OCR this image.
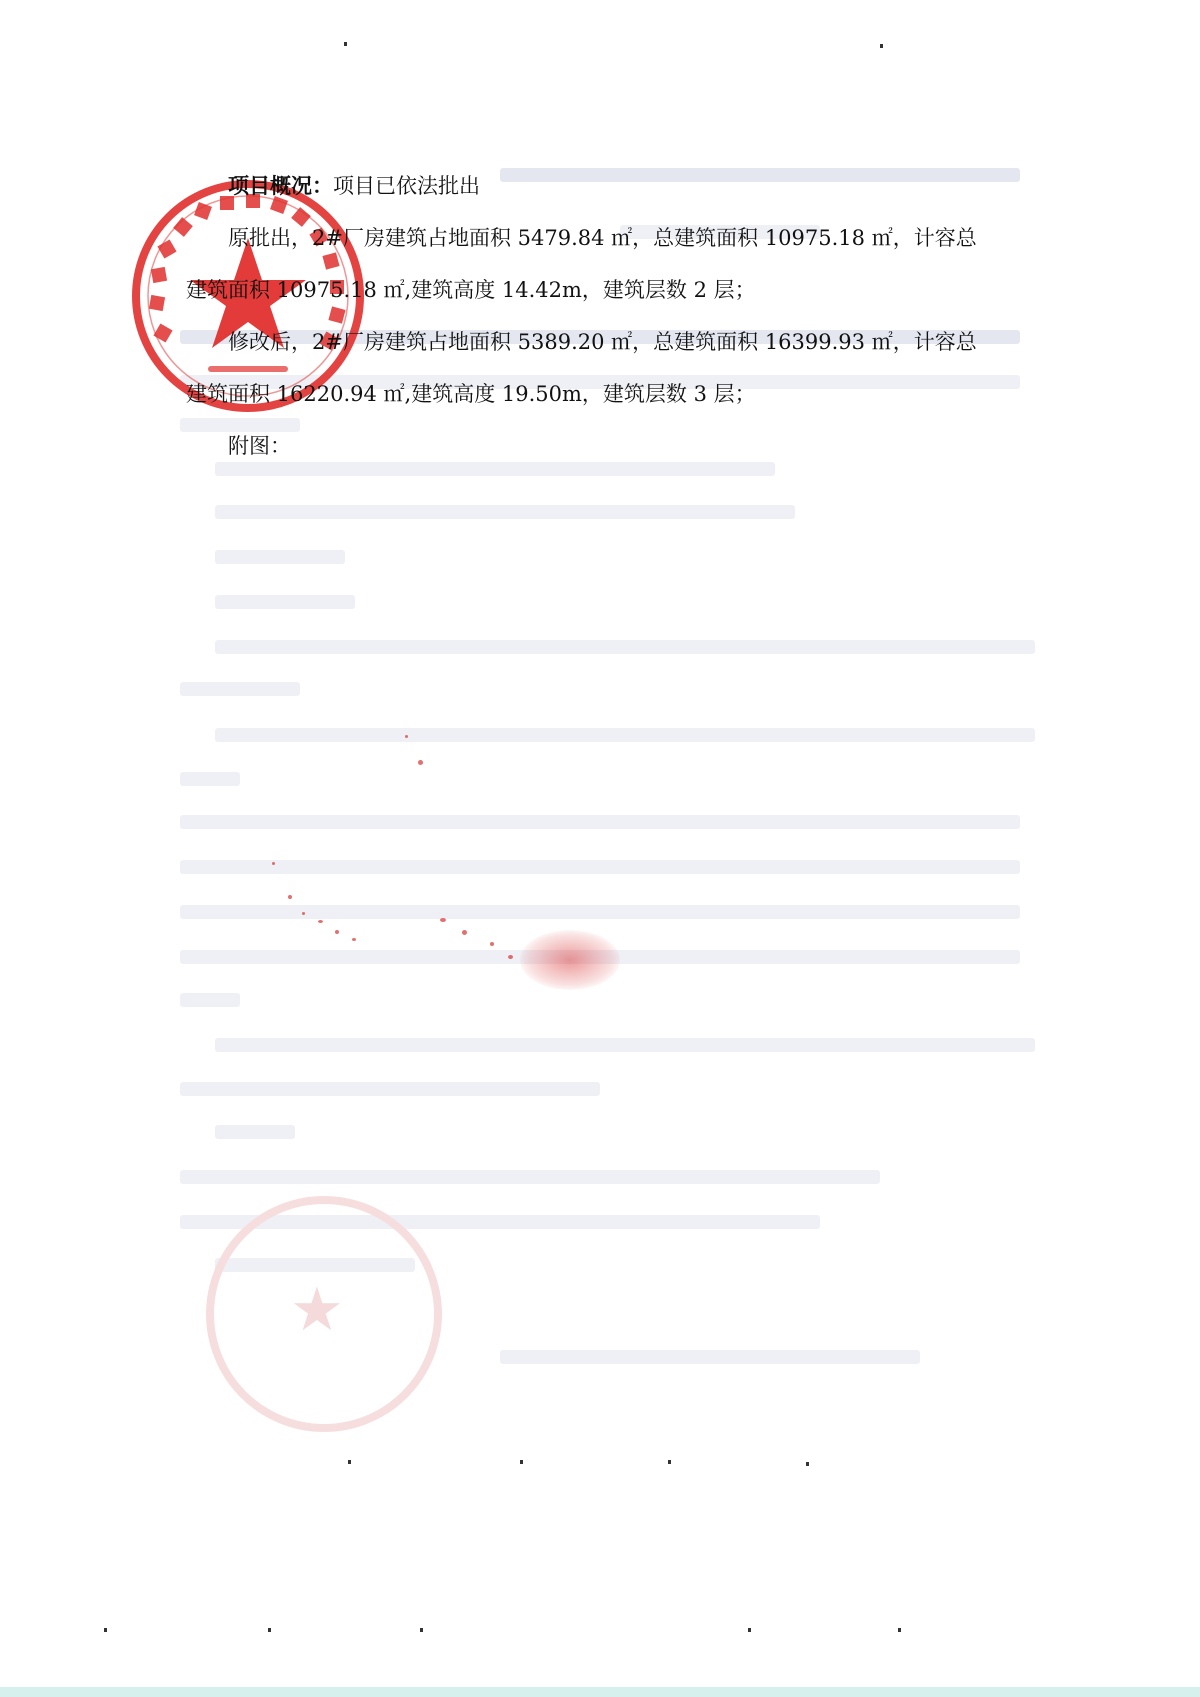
★
项目概况：项目已依法批出
原批出，2#厂房建筑占地面积 5479.84 ㎡，总建筑面积 10975.18 ㎡，计容总
建筑面积 10975.18 ㎡,建筑高度 14.42m，建筑层数 2 层；
修改后，2#厂房建筑占地面积 5389.20 ㎡，总建筑面积 16399.93 ㎡，计容总
建筑面积 16220.94 ㎡,建筑高度 19.50m，建筑层数 3 层；
附图：
